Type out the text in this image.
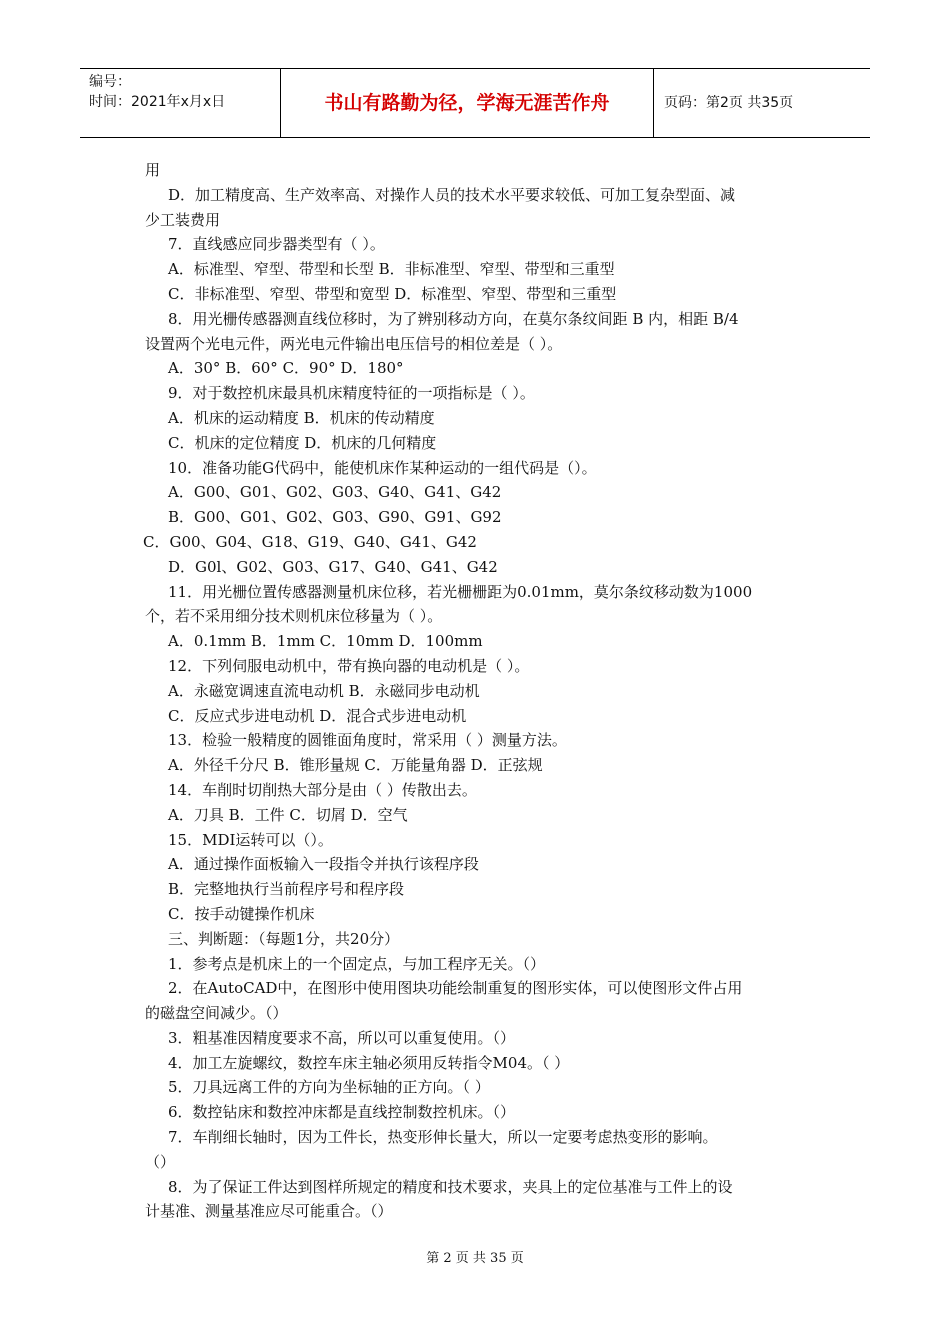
编号：
时间：2021年x月x日	书山有路勤为径，学海无涯苦作舟	页码：第2页 共35页
用
D．加工精度高、生产效率高、对操作人员的技术水平要求较低、可加工复杂型面、减
少工装费用
7．直线感应同步器类型有（ ）。
A．标准型、窄型、带型和长型 B．非标准型、窄型、带型和三重型
C．非标准型、窄型、带型和宽型 D．标准型、窄型、带型和三重型
8．用光栅传感器测直线位移时，为了辨别移动方向，在莫尔条纹间距 B 内，相距 B/4
设置两个光电元件，两光电元件输出电压信号的相位差是（ ）。
A．30° B．60° C．90° D．180°
9．对于数控机床最具机床精度特征的一项指标是（ ）。
A．机床的运动精度 B．机床的传动精度
C．机床的定位精度 D．机床的几何精度
10．准备功能G代码中，能使机床作某种运动的一组代码是（）。
A．G00、G01、G02、G03、G40、G41、G42
B．G00、G01、G02、G03、G90、G91、G92
C．G00、G04、G18、G19、G40、G41、G42
D．G0l、G02、G03、G17、G40、G41、G42
11．用光栅位置传感器测量机床位移，若光栅栅距为0.01mm，莫尔条纹移动数为1000
个，若不采用细分技术则机床位移量为（ ）。
A．0.1mm B．1mm C．10mm D．100mm
12．下列伺服电动机中，带有换向器的电动机是（ ）。
A．永磁宽调速直流电动机 B．永磁同步电动机
C．反应式步进电动机 D．混合式步进电动机
13．检验一般精度的圆锥面角度时，常采用（ ）测量方法。
A．外径千分尺 B．锥形量规 C．万能量角器 D．正弦规
14．车削时切削热大部分是由（ ）传散出去。
A．刀具 B．工件 C．切屑 D．空气
15．MDI运转可以（）。
A．通过操作面板输入一段指令并执行该程序段
B．完整地执行当前程序号和程序段
C．按手动键操作机床
三、判断题：（每题1分，共20分）
1．参考点是机床上的一个固定点，与加工程序无关。（）
2．在AutoCAD中，在图形中使用图块功能绘制重复的图形实体，可以使图形文件占用
的磁盘空间减少。（）
3．粗基准因精度要求不高，所以可以重复使用。（）
4．加工左旋螺纹，数控车床主轴必须用反转指令M04。（ ）
5．刀具远离工件的方向为坐标轴的正方向。（ ）
6．数控钻床和数控冲床都是直线控制数控机床。（）
7．车削细长轴时，因为工件长，热变形伸长量大，所以一定要考虑热变形的影响。
（）
8．为了保证工件达到图样所规定的精度和技术要求，夹具上的定位基准与工件上的设
计基准、测量基准应尽可能重合。（）
第 2 页 共 35 页
